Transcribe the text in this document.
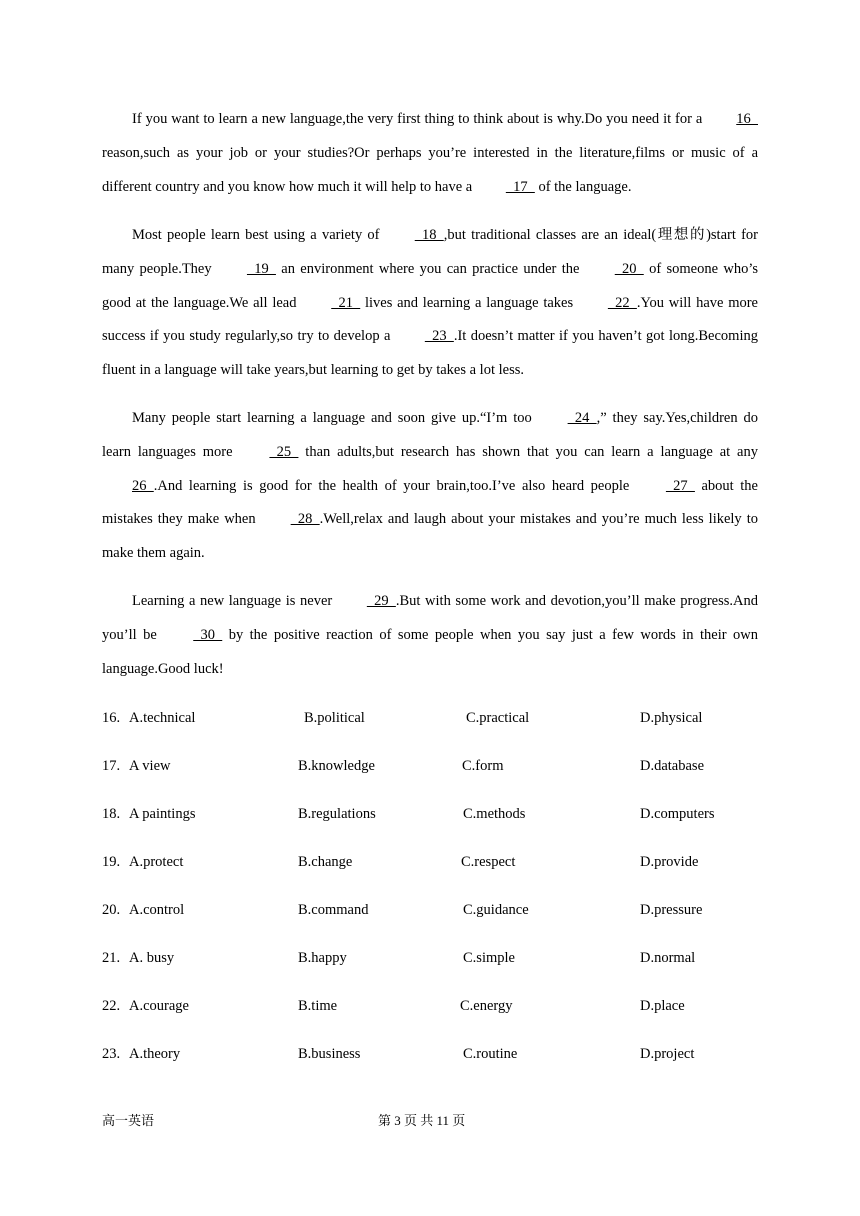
If you want to learn a new language,the very first thing to think about is why.Do you need it for a 16   reason,such as your job or your studies?Or perhaps you’re interested in the literature,films or music of a different country and you know how much it will help to have a   17   of the language.

Most people learn best using a variety of   18  ,but traditional classes are an ideal(理想的)start for many people.They   19   an environment where you can practice under the   20   of someone who’s good at the language.We all lead   21   lives and learning a language takes   22  .You will have more success if you study regularly,so try to develop a   23  .It doesn’t matter if you haven’t got long.Becoming fluent in a language will take years,but learning to get by takes a lot less.

Many people start learning a language and soon give up.“I’m too   24  ,” they say.Yes,children do learn languages more   25   than adults,but research has shown that you can learn a language at any 26  .And learning is good for the health of your brain,too.I’ve also heard people   27   about the mistakes they make when   28  .Well,relax and laugh about your mistakes and you’re much less likely to make them again.

Learning a new language is never   29  .But with some work and devotion,you’ll make progress.And you’ll be   30   by the positive reaction of some people when you say just a few words in their own language.Good luck!

16. A.technical	B.political	C.practical	D.physical
17. A view	B.knowledge	C.form	D.database
18. A paintings	B.regulations	C.methods	D.computers
19. A.protect	B.change	C.respect	D.provide
20. A.control	B.command	C.guidance	D.pressure
21. A. busy	B.happy	C.simple	D.normal
22. A.courage	B.time	C.energy	D.place
23. A.theory	B.business	C.routine	D.project
高一英语	第 3 页 共 11 页
